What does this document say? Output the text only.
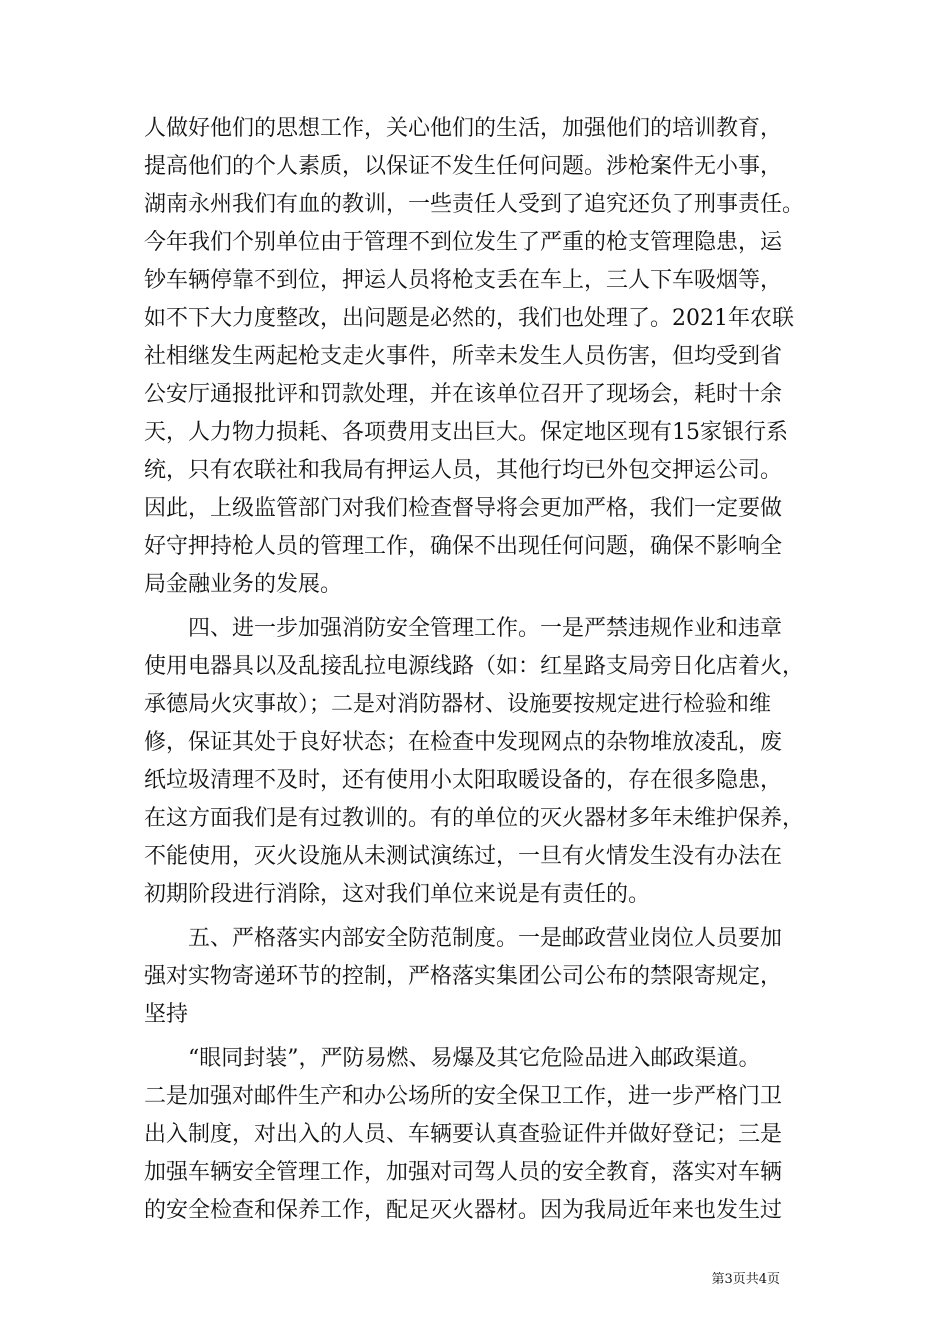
人做好他们的思想工作，关心他们的生活，加强他们的培训教育，
提高他们的个人素质，以保证不发生任何问题。涉枪案件无小事，
湖南永州我们有血的教训，一些责任人受到了追究还负了刑事责任。
今年我们个别单位由于管理不到位发生了严重的枪支管理隐患，运
钞车辆停靠不到位，押运人员将枪支丢在车上，三人下车吸烟等，
如不下大力度整改，出问题是必然的，我们也处理了。2021年农联
社相继发生两起枪支走火事件，所幸未发生人员伤害，但均受到省
公安厅通报批评和罚款处理，并在该单位召开了现场会，耗时十余
天，人力物力损耗、各项费用支出巨大。保定地区现有15家银行系
统，只有农联社和我局有押运人员，其他行均已外包交押运公司。
因此，上级监管部门对我们检查督导将会更加严格，我们一定要做
好守押持枪人员的管理工作，确保不出现任何问题，确保不影响全
局金融业务的发展。
　　四、进一步加强消防安全管理工作。一是严禁违规作业和违章
使用电器具以及乱接乱拉电源线路（如：红星路支局旁日化店着火，
承德局火灾事故）；二是对消防器材、设施要按规定进行检验和维
修，保证其处于良好状态；在检查中发现网点的杂物堆放凌乱，废
纸垃圾清理不及时，还有使用小太阳取暖设备的，存在很多隐患，
在这方面我们是有过教训的。有的单位的灭火器材多年未维护保养，
不能使用，灭火设施从未测试演练过，一旦有火情发生没有办法在
初期阶段进行消除，这对我们单位来说是有责任的。
　　五、严格落实内部安全防范制度。一是邮政营业岗位人员要加
强对实物寄递环节的控制，严格落实集团公司公布的禁限寄规定，
坚持
　　“眼同封装”，严防易燃、易爆及其它危险品进入邮政渠道。
二是加强对邮件生产和办公场所的安全保卫工作，进一步严格门卫
出入制度，对出入的人员、车辆要认真查验证件并做好登记；三是
加强车辆安全管理工作，加强对司驾人员的安全教育，落实对车辆
的安全检查和保养工作，配足灭火器材。因为我局近年来也发生过
第3页共4页
